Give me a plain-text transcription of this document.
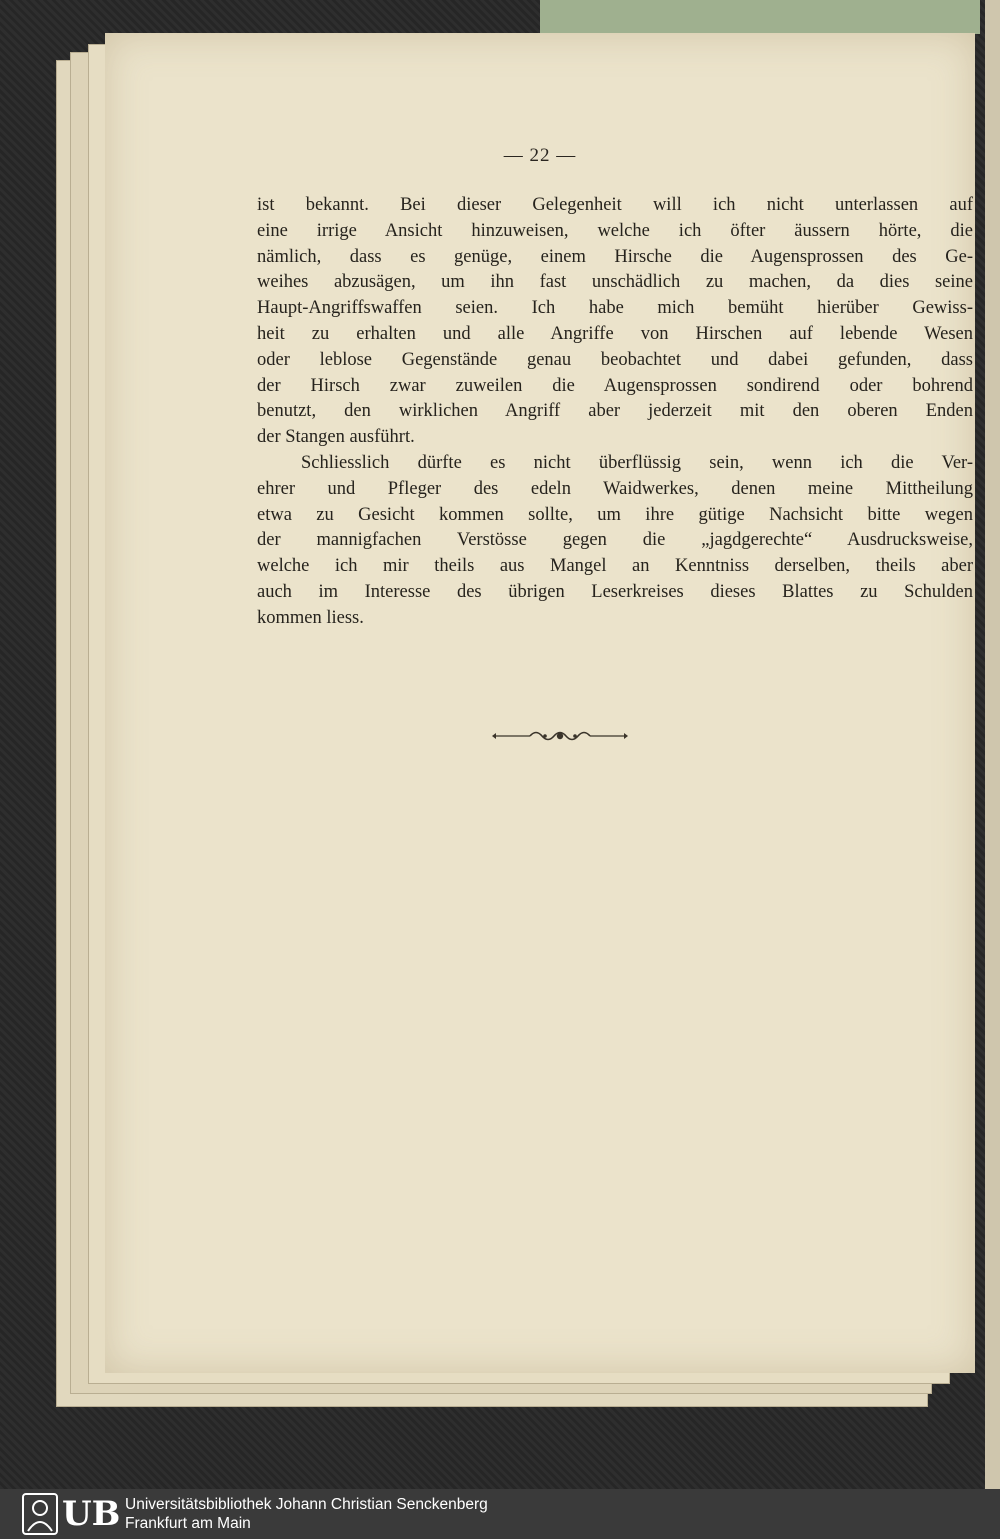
— 22 —
ist bekannt. Bei dieser Gelegenheit will ich nicht unterlassen auf
eine irrige Ansicht hinzuweisen, welche ich öfter äussern hörte, die
nämlich, dass es genüge, einem Hirsche die Augensprossen des Ge-
weihes abzusägen, um ihn fast unschädlich zu machen, da dies seine
Haupt-Angriffswaffen seien. Ich habe mich bemüht hierüber Gewiss-
heit zu erhalten und alle Angriffe von Hirschen auf lebende Wesen
oder leblose Gegenstände genau beobachtet und dabei gefunden, dass
der Hirsch zwar zuweilen die Augensprossen sondirend oder bohrend
benutzt, den wirklichen Angriff aber jederzeit mit den oberen Enden
der Stangen ausführt.
Schliesslich dürfte es nicht überflüssig sein, wenn ich die Ver-
ehrer und Pfleger des edeln Waidwerkes, denen meine Mittheilung
etwa zu Gesicht kommen sollte, um ihre gütige Nachsicht bitte wegen
der mannigfachen Verstösse gegen die „jagdgerechte“ Ausdrucksweise,
welche ich mir theils aus Mangel an Kenntniss derselben, theils aber
auch im Interesse des übrigen Leserkreises dieses Blattes zu Schulden
kommen liess.
UB Universitätsbibliothek Johann Christian Senckenberg
Frankfurt am Main
